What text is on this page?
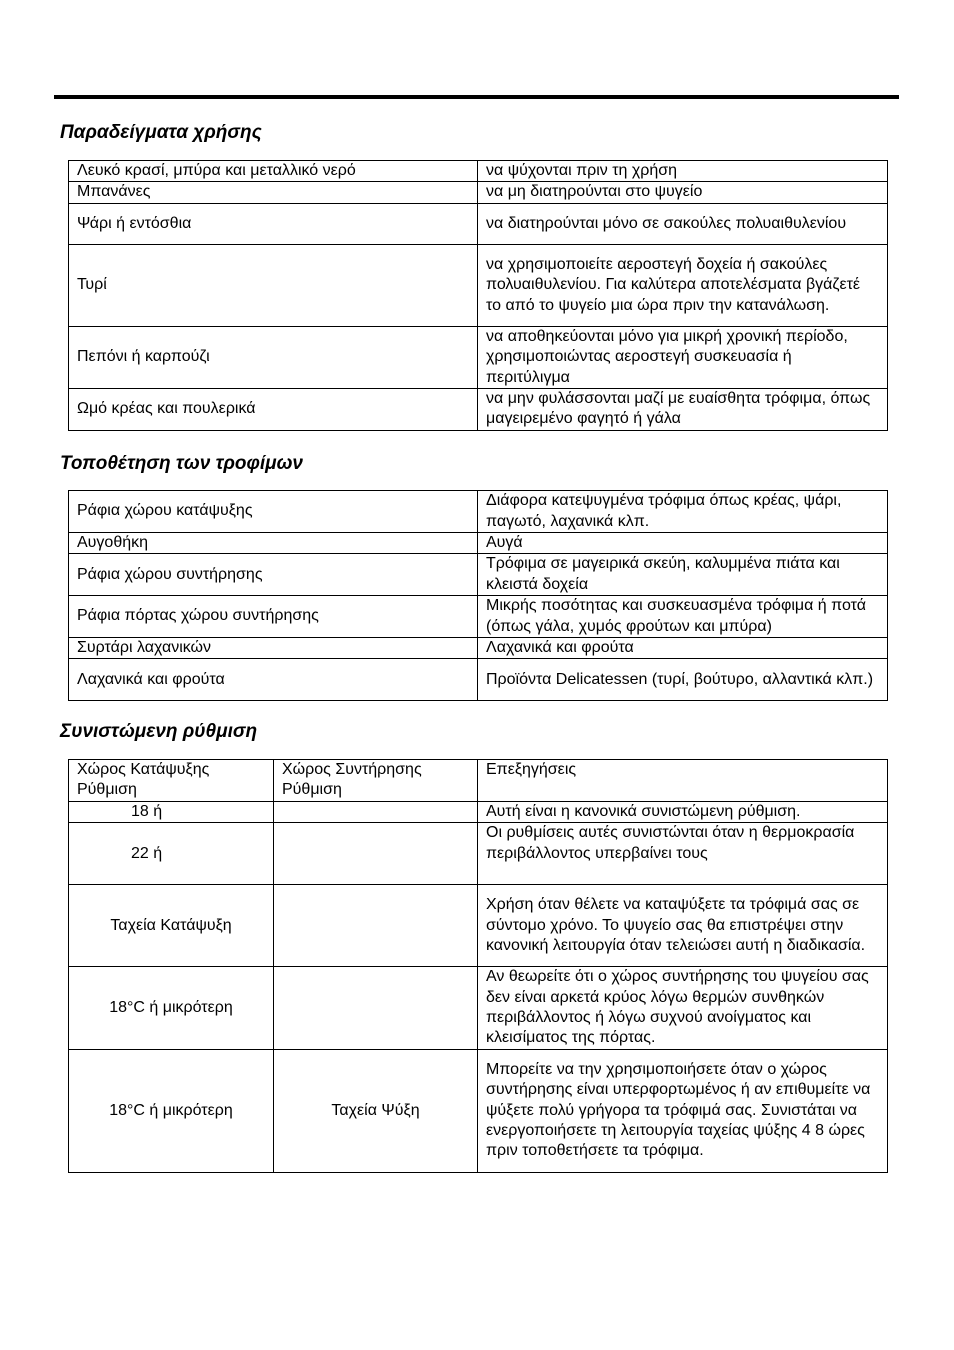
Παραδείγματα χρήσης
Λευκό κρασί, μπύρα και μεταλλικό νερό	να ψύχονται πριν τη χρήση
Μπανάνες	να μη διατηρούνται στο ψυγείο
Ψάρι ή εντόσθια	να διατηρούνται μόνο σε σακούλες πολυαιθυλενίου
Τυρί	να χρησιμοποιείτε αεροστεγή δοχεία ή σακούλες πολυαιθυλενίου. Για καλύτερα αποτελέσματα βγάζετέ το από το ψυγείο μια ώρα πριν την κατανάλωση.
Πεπόνι ή καρπούζι	να αποθηκεύονται μόνο για μικρή χρονική περίοδο, χρησιμοποιώντας αεροστεγή συσκευασία ή περιτύλιγμα
Ωμό κρέας και πουλερικά	να μην φυλάσσονται μαζί με ευαίσθητα τρόφιμα, όπως μαγειρεμένο φαγητό ή γάλα
Τοποθέτηση των τροφίμων
Ράφια χώρου κατάψυξης	Διάφορα κατεψυγμένα τρόφιμα όπως κρέας, ψάρι, παγωτό, λαχανικά κλπ.
Αυγοθήκη	Αυγά
Ράφια χώρου συντήρησης	Τρόφιμα σε μαγειρικά σκεύη, καλυμμένα πιάτα και κλειστά δοχεία
Ράφια πόρτας χώρου συντήρησης	Μικρής ποσότητας και συσκευασμένα τρόφιμα ή ποτά (όπως γάλα, χυμός φρούτων και μπύρα)
Συρτάρι λαχανικών	Λαχανικά και φρούτα
Λαχανικά και φρούτα	Προϊόντα Delicatessen (τυρί, βούτυρο, αλλαντικά κλπ.)
Συνιστώμενη ρύθμιση
Χώρος Κατάψυξης Ρύθμιση	Χώρος Συντήρησης Ρύθμιση	Επεξηγήσεις
18 ή		Αυτή είναι η κανονικά συνιστώμενη ρύθμιση.
22 ή		Οι ρυθμίσεις αυτές συνιστώνται όταν η θερμοκρασία περιβάλλοντος υπερβαίνει τους
Ταχεία Κατάψυξη		Χρήση όταν θέλετε να καταψύξετε τα τρόφιμά σας σε σύντομο χρόνο. Το ψυγείο σας θα επιστρέψει στην κανονική λειτουργία όταν τελειώσει αυτή η διαδικασία.
18°C ή μικρότερη		Αν θεωρείτε ότι ο χώρος συντήρησης του ψυγείου σας δεν είναι αρκετά κρύος λόγω θερμών συνθηκών περιβάλλοντος ή λόγω συχνού ανοίγματος και κλεισίματος της πόρτας.
18°C ή μικρότερη	Ταχεία Ψύξη	Μπορείτε να την χρησιμοποιήσετε όταν ο χώρος συντήρησης είναι υπερφορτωμένος ή αν επιθυμείτε να ψύξετε πολύ γρήγορα τα τρόφιμά σας. Συνιστάται να ενεργοποιήσετε τη λειτουργία ταχείας ψύξης 4 8 ώρες πριν τοποθετήσετε τα τρόφιμα.
